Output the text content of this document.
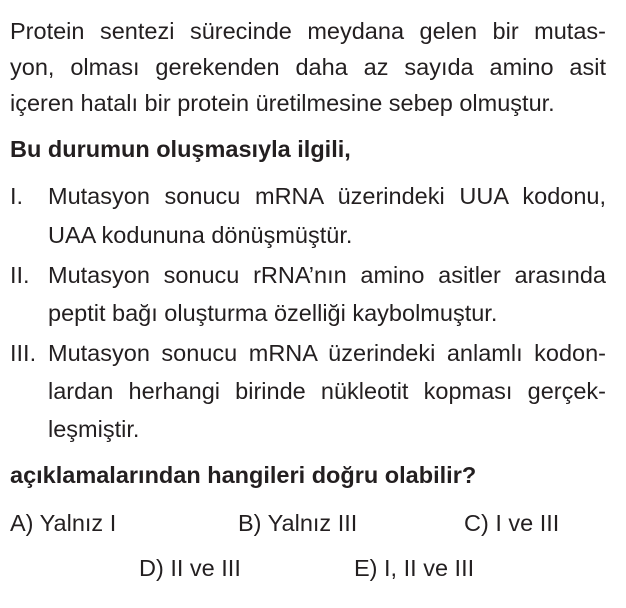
Protein sentezi sürecinde meydana gelen bir mutas-
yon, olması gerekenden daha az sayıda amino asit
içeren hatalı bir protein üretilmesine sebep olmuştur.
Bu durumun oluşmasıyla ilgili,
I. Mutasyon sonucu mRNA üzerindeki UUA kodonu,
UAA kodununa dönüşmüştür.
II. Mutasyon sonucu rRNA’nın amino asitler arasında
peptit bağı oluşturma özelliği kaybolmuştur.
III. Mutasyon sonucu mRNA üzerindeki anlamlı kodon-
lardan herhangi birinde nükleotit kopması gerçek-
leşmiştir.
açıklamalarından hangileri doğru olabilir?
A) Yalnız I	B) Yalnız III	C) I ve III
D) II ve III	E) I, II ve III
